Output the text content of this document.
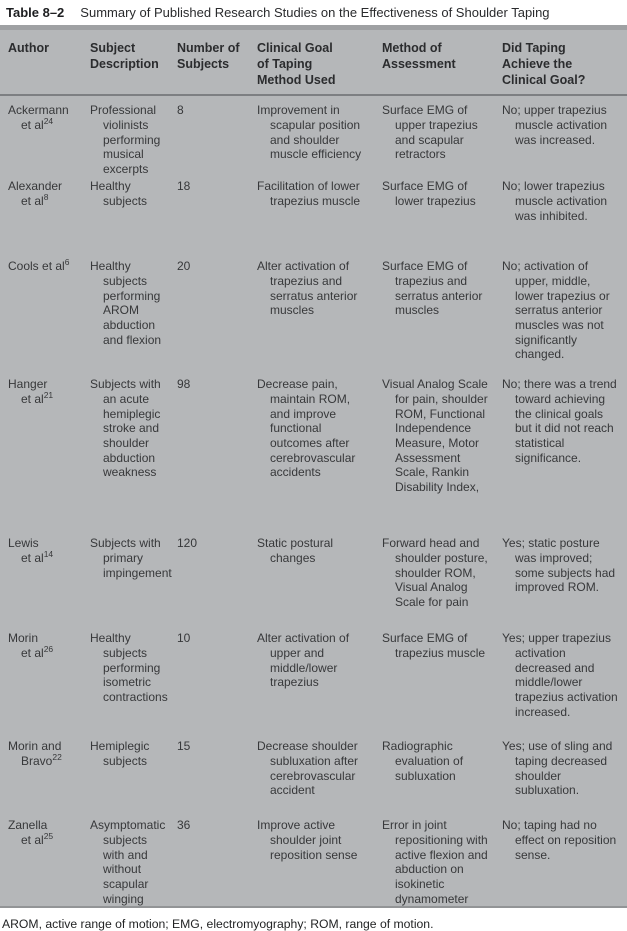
Table 8–2 Summary of Published Research Studies on the Effectiveness of Shoulder Taping
Author	Subject Description	Number of Subjects	Clinical Goal of Taping Method Used	Method of Assessment	Did Taping Achieve the Clinical Goal?

Ackermann
et $al^{24}$	Professional violinists performing musical excerpts	8	Improvement in scapular position and shoulder muscle efficiency	Surface EMG of upper trapezius and scapular retractors	No; upper trapezius muscle activation was increased.

Alexander
et $al^8$	Healthy subjects	18	Facilitation of lower trapezius muscle	Surface EMG of lower trapezius	No; lower trapezius muscle activation was inhibited.

Cools et $al^6$	Healthy subjects performing AROM abduction and flexion	20	Alter activation of trapezius and serratus anterior muscles	Surface EMG of trapezius and serratus anterior muscles	No; activation of upper, middle, lower trapezius or serratus anterior muscles was not significantly changed.

Hanger
et $al^{21}$	Subjects with an acute hemiplegic stroke and shoulder abduction weakness	98	Decrease pain, maintain ROM, and improve functional outcomes after cerebrovascular accidents	Visual Analog Scale for pain, shoulder ROM, Functional Independence Measure, Motor Assessment Scale, Rankin Disability Index,	No; there was a trend toward achieving the clinical goals but it did not reach statistical significance.

Lewis
et $al^{14}$	Subjects with primary impingement	120	Static postural changes	Forward head and shoulder posture, shoulder ROM, Visual Analog Scale for pain	Yes; static posture was improved; some subjects had improved ROM.

Morin
et $al^{26}$	Healthy subjects performing isometric contractions	10	Alter activation of upper and middle/lower trapezius	Surface EMG of trapezius muscle	Yes; upper trapezius activation decreased and middle/lower trapezius activation increased.

Morin and
Bravo$^{22}$	Hemiplegic subjects	15	Decrease shoulder subluxation after cerebrovascular accident	Radiographic evaluation of subluxation	Yes; use of sling and taping decreased shoulder subluxation.

Zanella
et $al^{25}$	Asymptomatic subjects with and without scapular winging	36	Improve active shoulder joint reposition sense	Error in joint repositioning with active flexion and abduction on isokinetic dynamometer	No; taping had no effect on reposition sense.
AROM, active range of motion; EMG, electromyography; ROM, range of motion.
